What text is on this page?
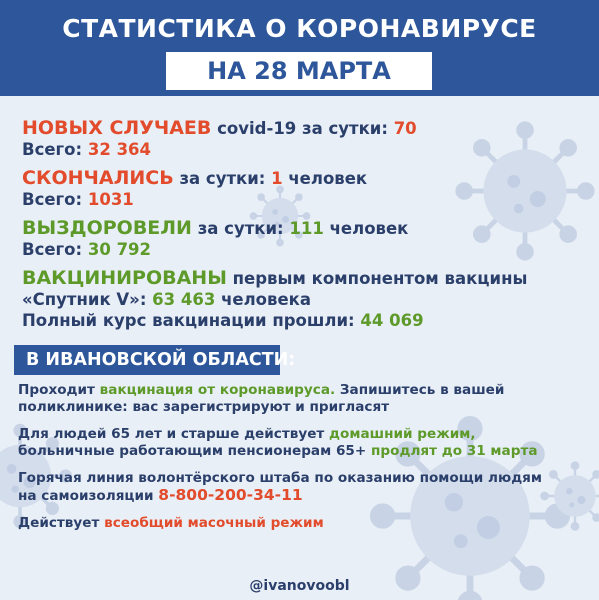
СТАТИСТИКА О КОРОНАВИРУСЕ
НА 28 МАРТА
НОВЫХ СЛУЧАЕВ covid-19 за сутки: 70
Всего: 32 364
СКОНЧАЛИСЬ за сутки: 1 человек
Всего: 1031
ВЫЗДОРОВЕЛИ за сутки: 111 человек
Всего: 30 792
ВАКЦИНИРОВАНЫ первым компонентом вакцины
«Спутник V»: 63 463 человека
Полный курс вакцинации прошли: 44 069
В ИВАНОВСКОЙ ОБЛАСТИ:
Проходит вакцинация от коронавируса. Запишитесь в вашей
поликлинике: вас зарегистрируют и пригласят
Для людей 65 лет и старше действует домашний режим,
больничные работающим пенсионерам 65+ продлят до 31 марта
Горячая линия волонтёрского штаба по оказанию помощи людям
на самоизоляции 8-800-200-34-11
Действует всеобщий масочный режим
@ivanovoobl
